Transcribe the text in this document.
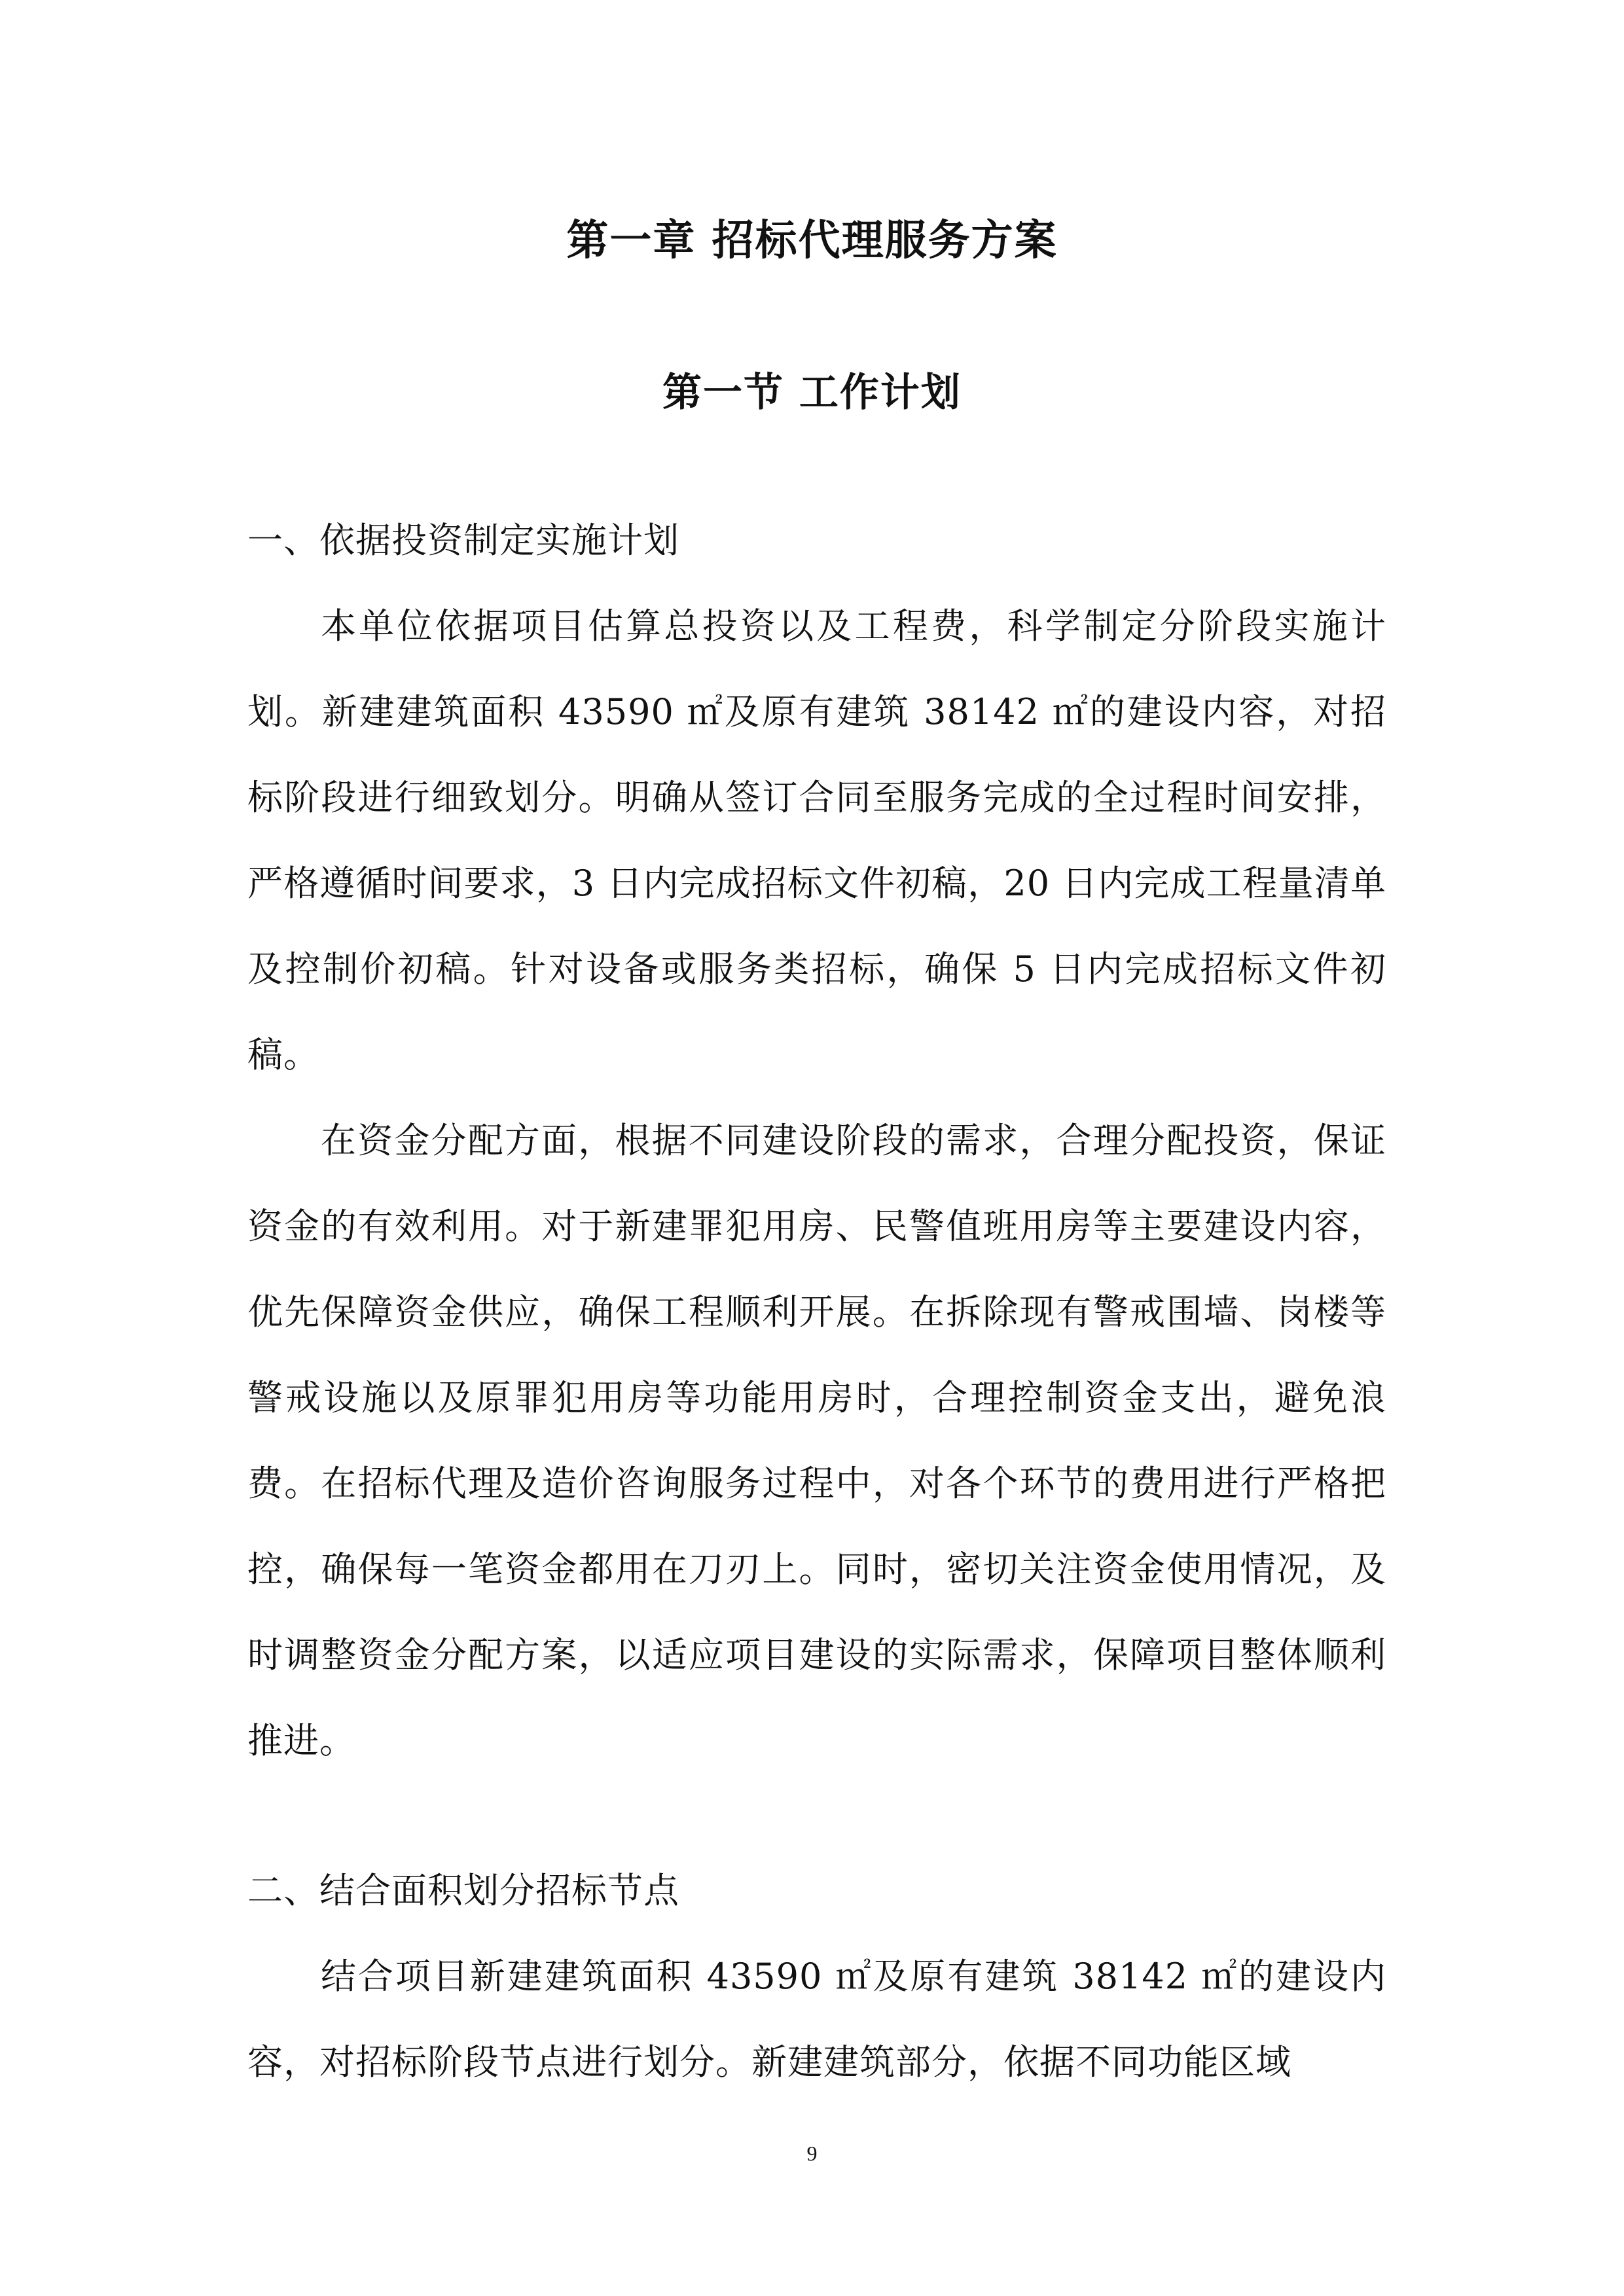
第一章 招标代理服务方案
第一节 工作计划

一、依据投资制定实施计划

本单位依据项目估算总投资以及工程费，科学制定分阶段实施计划。新建建筑面积 43590 ㎡及原有建筑 38142 ㎡的建设内容，对招标阶段进行细致划分。明确从签订合同至服务完成的全过程时间安排，严格遵循时间要求，3 日内完成招标文件初稿，20 日内完成工程量清单及控制价初稿。针对设备或服务类招标，确保 5 日内完成招标文件初稿。

在资金分配方面，根据不同建设阶段的需求，合理分配投资，保证资金的有效利用。对于新建罪犯用房、民警值班用房等主要建设内容，优先保障资金供应，确保工程顺利开展。在拆除现有警戒围墙、岗楼等警戒设施以及原罪犯用房等功能用房时，合理控制资金支出，避免浪费。在招标代理及造价咨询服务过程中，对各个环节的费用进行严格把控，确保每一笔资金都用在刀刃上。同时，密切关注资金使用情况，及时调整资金分配方案，以适应项目建设的实际需求，保障项目整体顺利推进。

二、结合面积划分招标节点

结合项目新建建筑面积 43590 ㎡及原有建筑 38142 ㎡的建设内容，对招标阶段节点进行划分。新建建筑部分，依据不同功能区域

9
